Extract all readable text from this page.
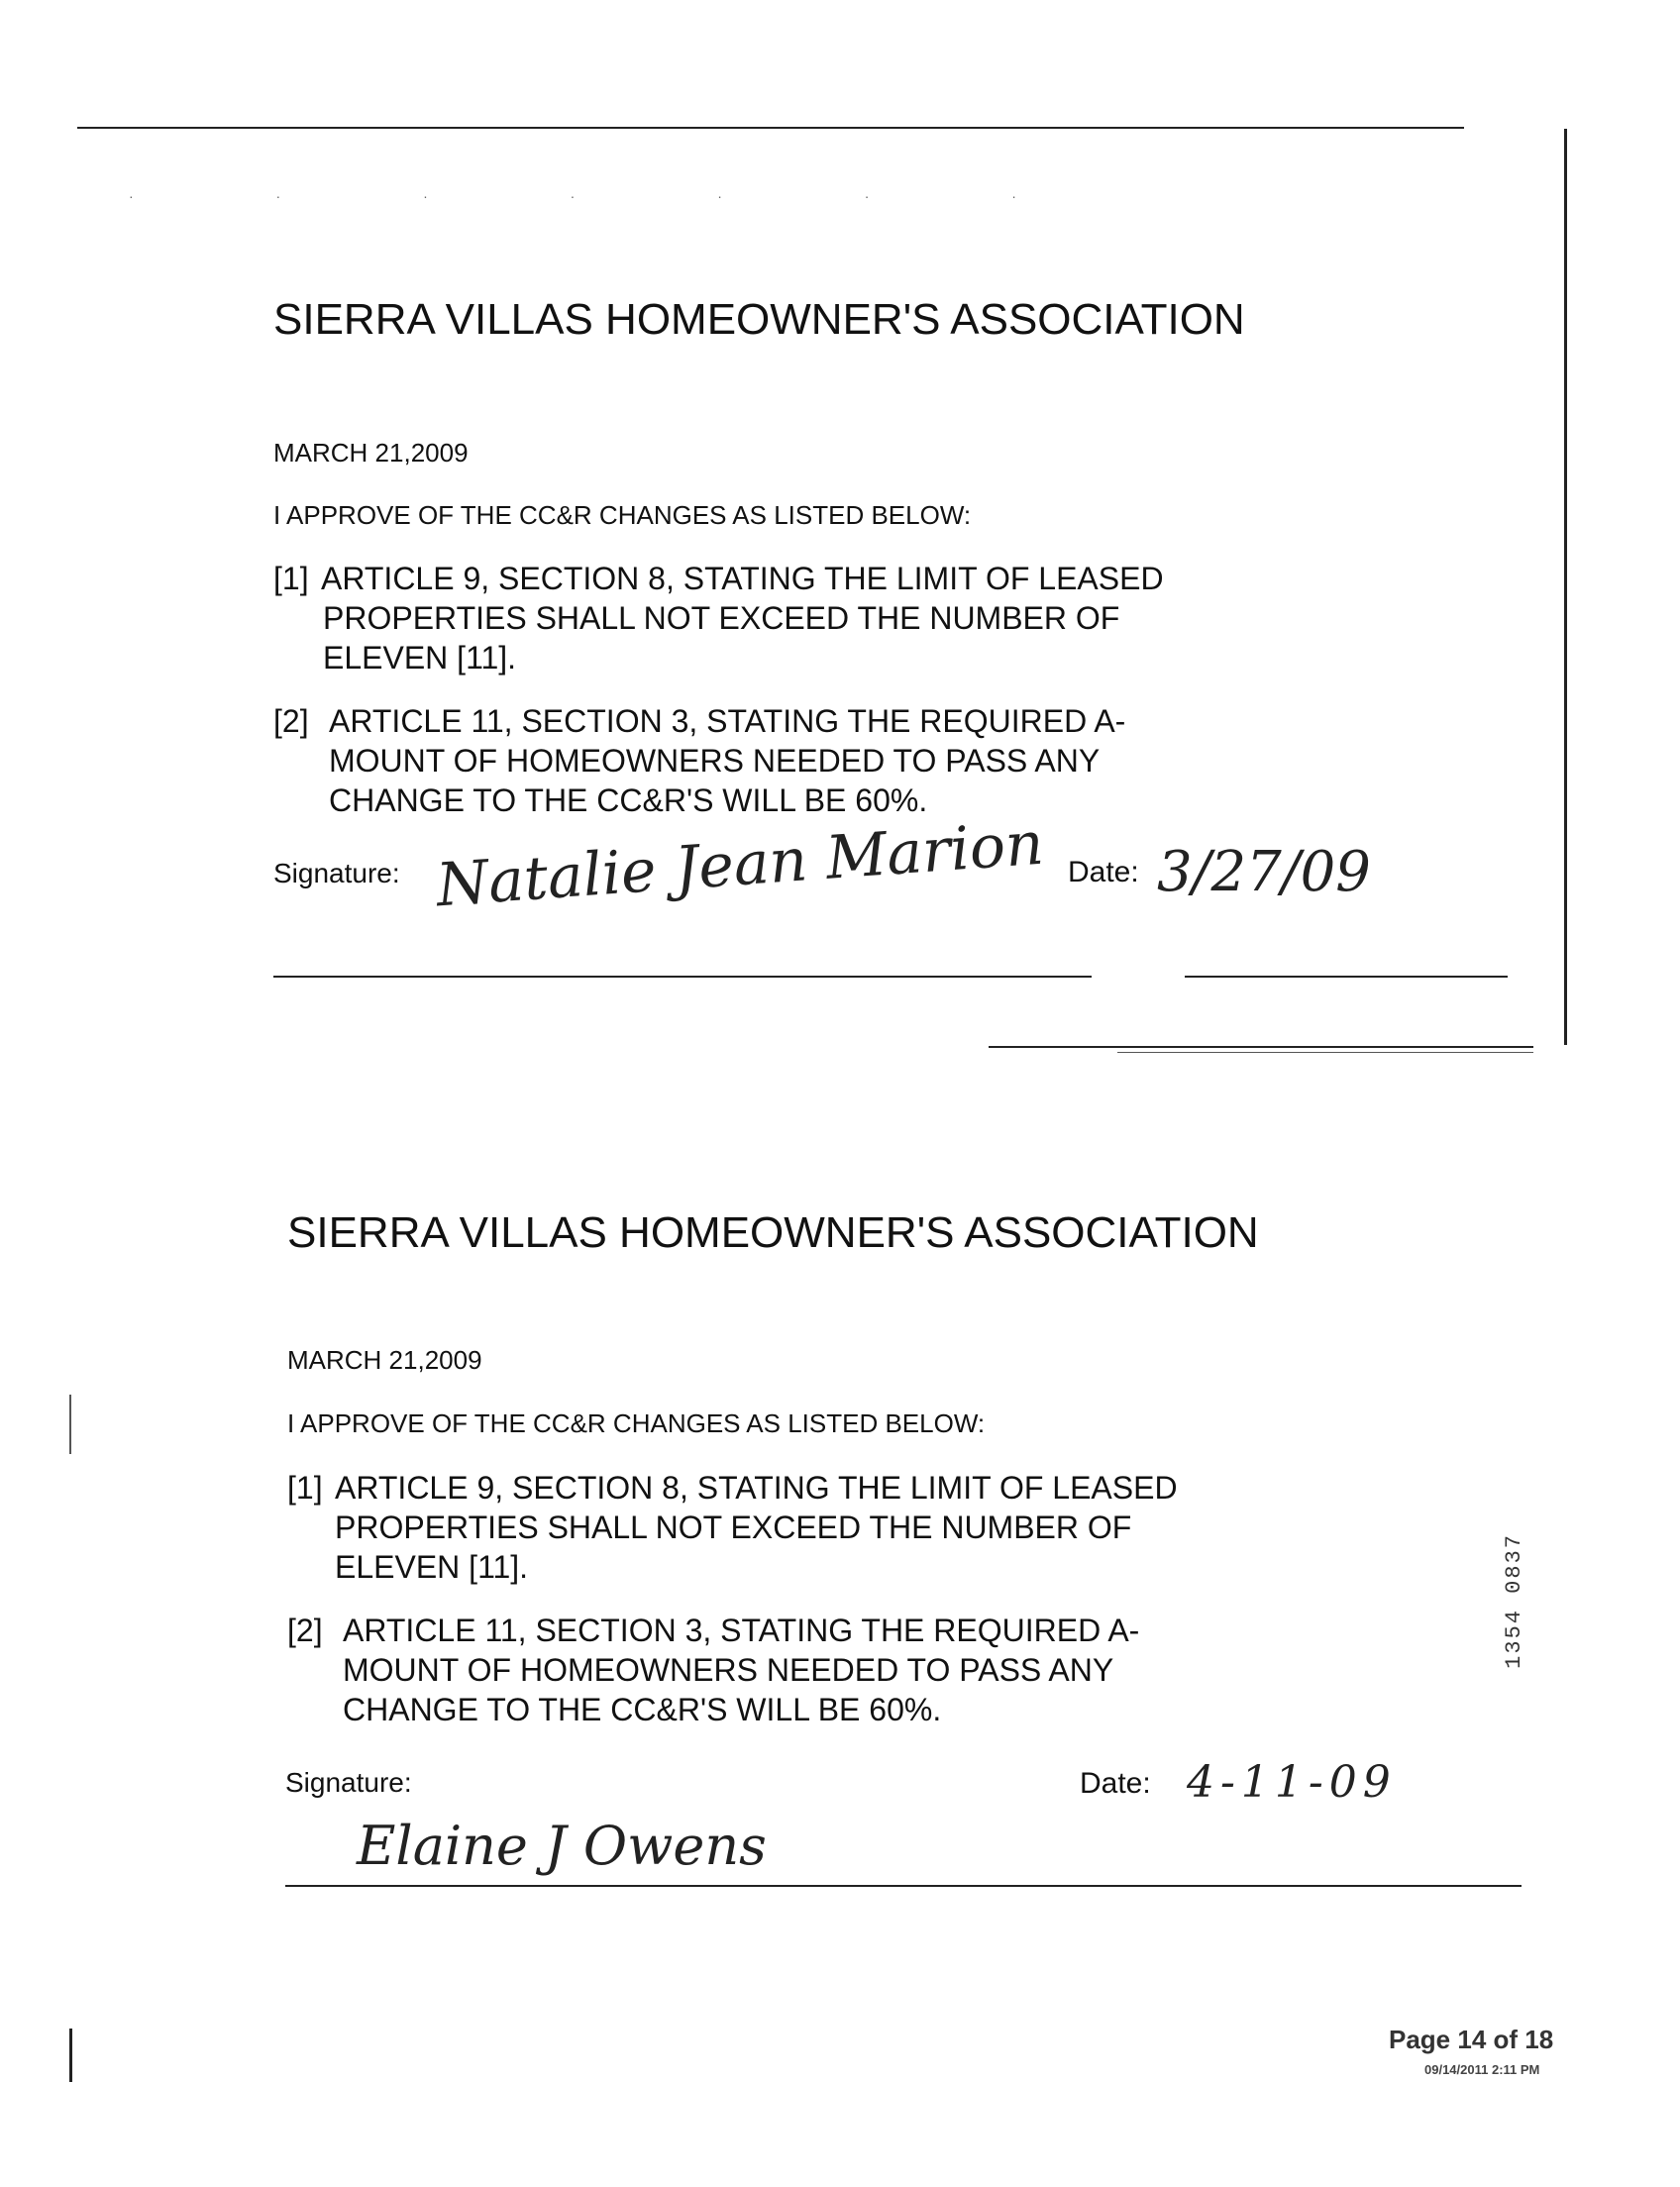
· · · · · · ·
SIERRA VILLAS HOMEOWNER'S ASSOCIATION
MARCH 21,2009
I APPROVE OF THE CC&R CHANGES AS LISTED BELOW:
[1] ARTICLE 9, SECTION 8, STATING THE LIMIT OF LEASED
PROPERTIES SHALL NOT EXCEED THE NUMBER OF
ELEVEN [11].
[2] ARTICLE 11, SECTION 3, STATING THE REQUIRED A-
MOUNT OF HOMEOWNERS NEEDED TO PASS ANY
CHANGE TO THE CC&R'S WILL BE 60%.
Signature: Natalie Jean Marion Date: 3/27/09
SIERRA VILLAS HOMEOWNER'S ASSOCIATION
MARCH 21,2009
I APPROVE OF THE CC&R CHANGES AS LISTED BELOW:
[1] ARTICLE 9, SECTION 8, STATING THE LIMIT OF LEASED
PROPERTIES SHALL NOT EXCEED THE NUMBER OF
ELEVEN [11].
[2] ARTICLE 11, SECTION 3, STATING THE REQUIRED A-
MOUNT OF HOMEOWNERS NEEDED TO PASS ANY
CHANGE TO THE CC&R'S WILL BE 60%.
Signature:
Elaine J Owens
Date: 4-11-09
1354 0837
Page 14 of 18
09/14/2011 2:11 PM
